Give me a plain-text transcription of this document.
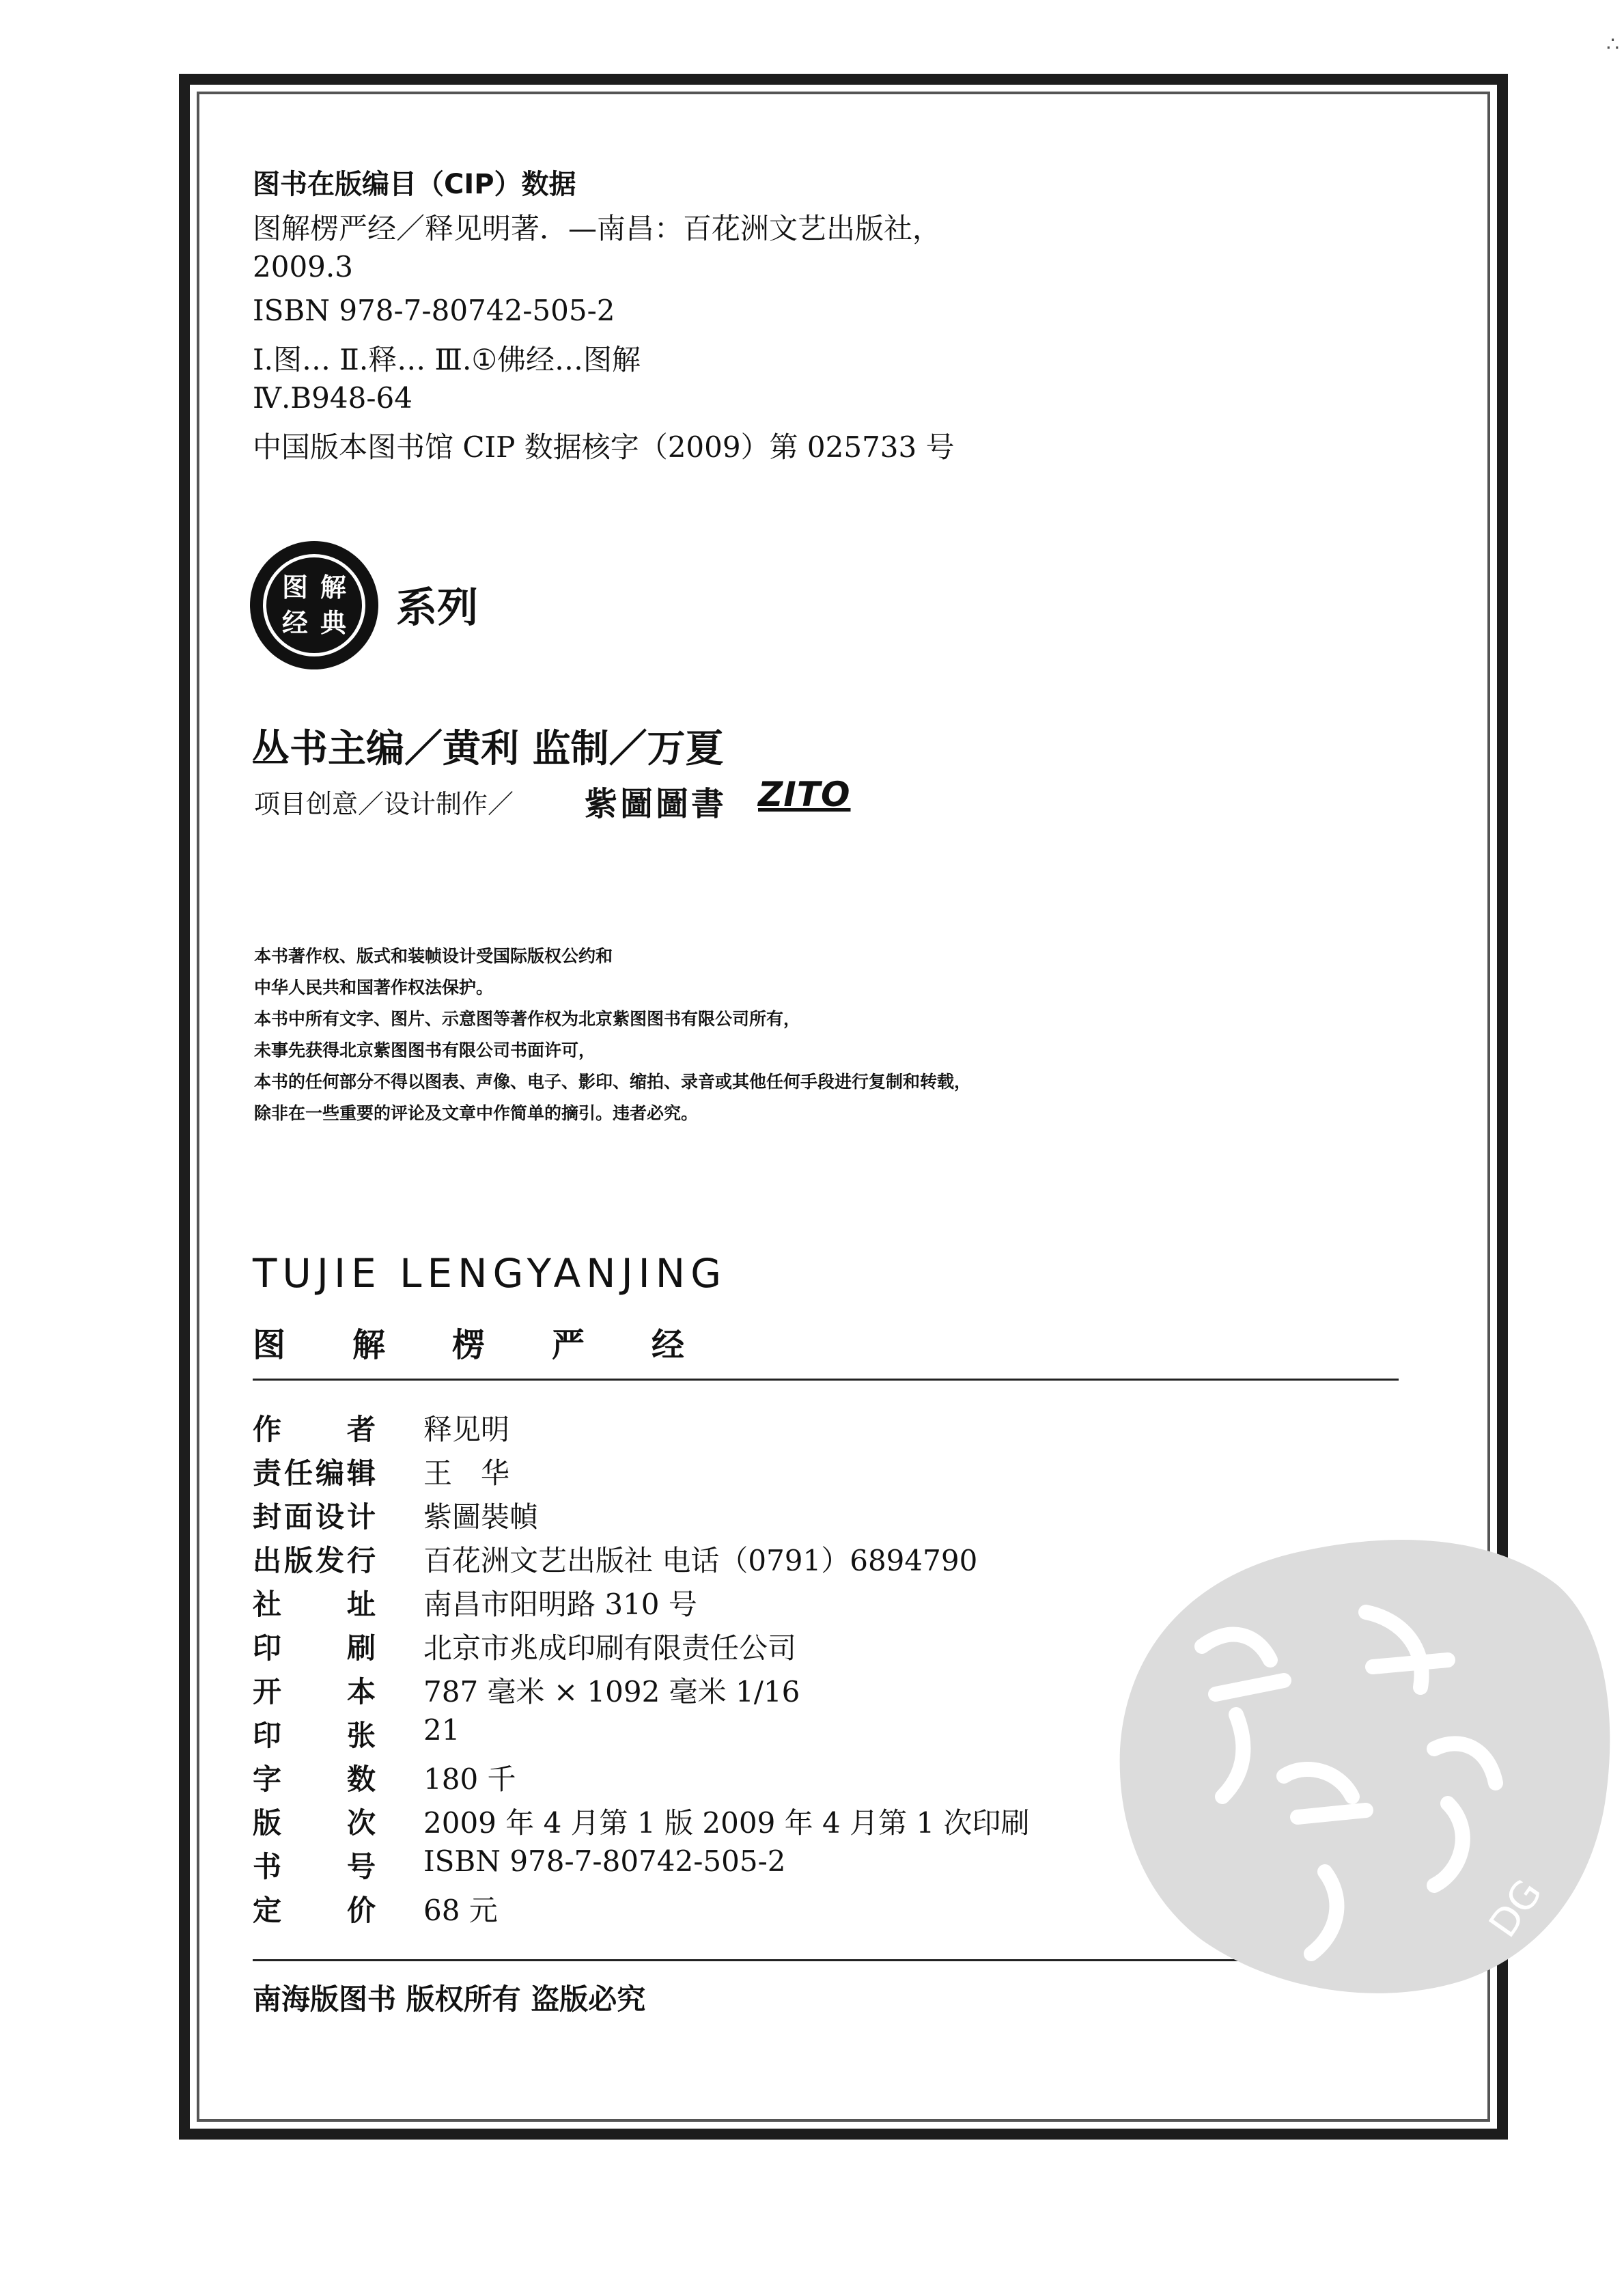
图书在版编目（CIP）数据
图解楞严经／释见明著．—南昌：百花洲文艺出版社，
2009.3
ISBN 978-7-80742-505-2
Ⅰ.图… Ⅱ.释… Ⅲ.①佛经…图解
Ⅳ.B948-64
中国版本图书馆 CIP 数据核字（2009）第 025733 号
图 解
经 典 系列
丛书主编／黄利 监制／万夏
项目创意／设计制作／ 紫圖圖書 ZITO
本书著作权、版式和装帧设计受国际版权公约和
中华人民共和国著作权法保护。
本书中所有文字、图片、示意图等著作权为北京紫图图书有限公司所有，
未事先获得北京紫图图书有限公司书面许可，
本书的任何部分不得以图表、声像、电子、影印、缩拍、录音或其他任何手段进行复制和转载，
除非在一些重要的评论及文章中作简单的摘引。违者必究。
TUJIE LENGYANJING
图解楞严经
作者 释见明
责任编辑 王　华
封面设计 紫圖裝幀
出版发行 百花洲文艺出版社 电话（0791）6894790
社址 南昌市阳明路 310 号
印刷 北京市兆成印刷有限责任公司
开本 787 毫米 × 1092 毫米 1/16
印张 21
字数 180 千
版次 2009 年 4 月第 1 版 2009 年 4 月第 1 次印刷
书号 ISBN 978-7-80742-505-2
定价 68 元
南海版图书 版权所有 盗版必究
DG
∴
